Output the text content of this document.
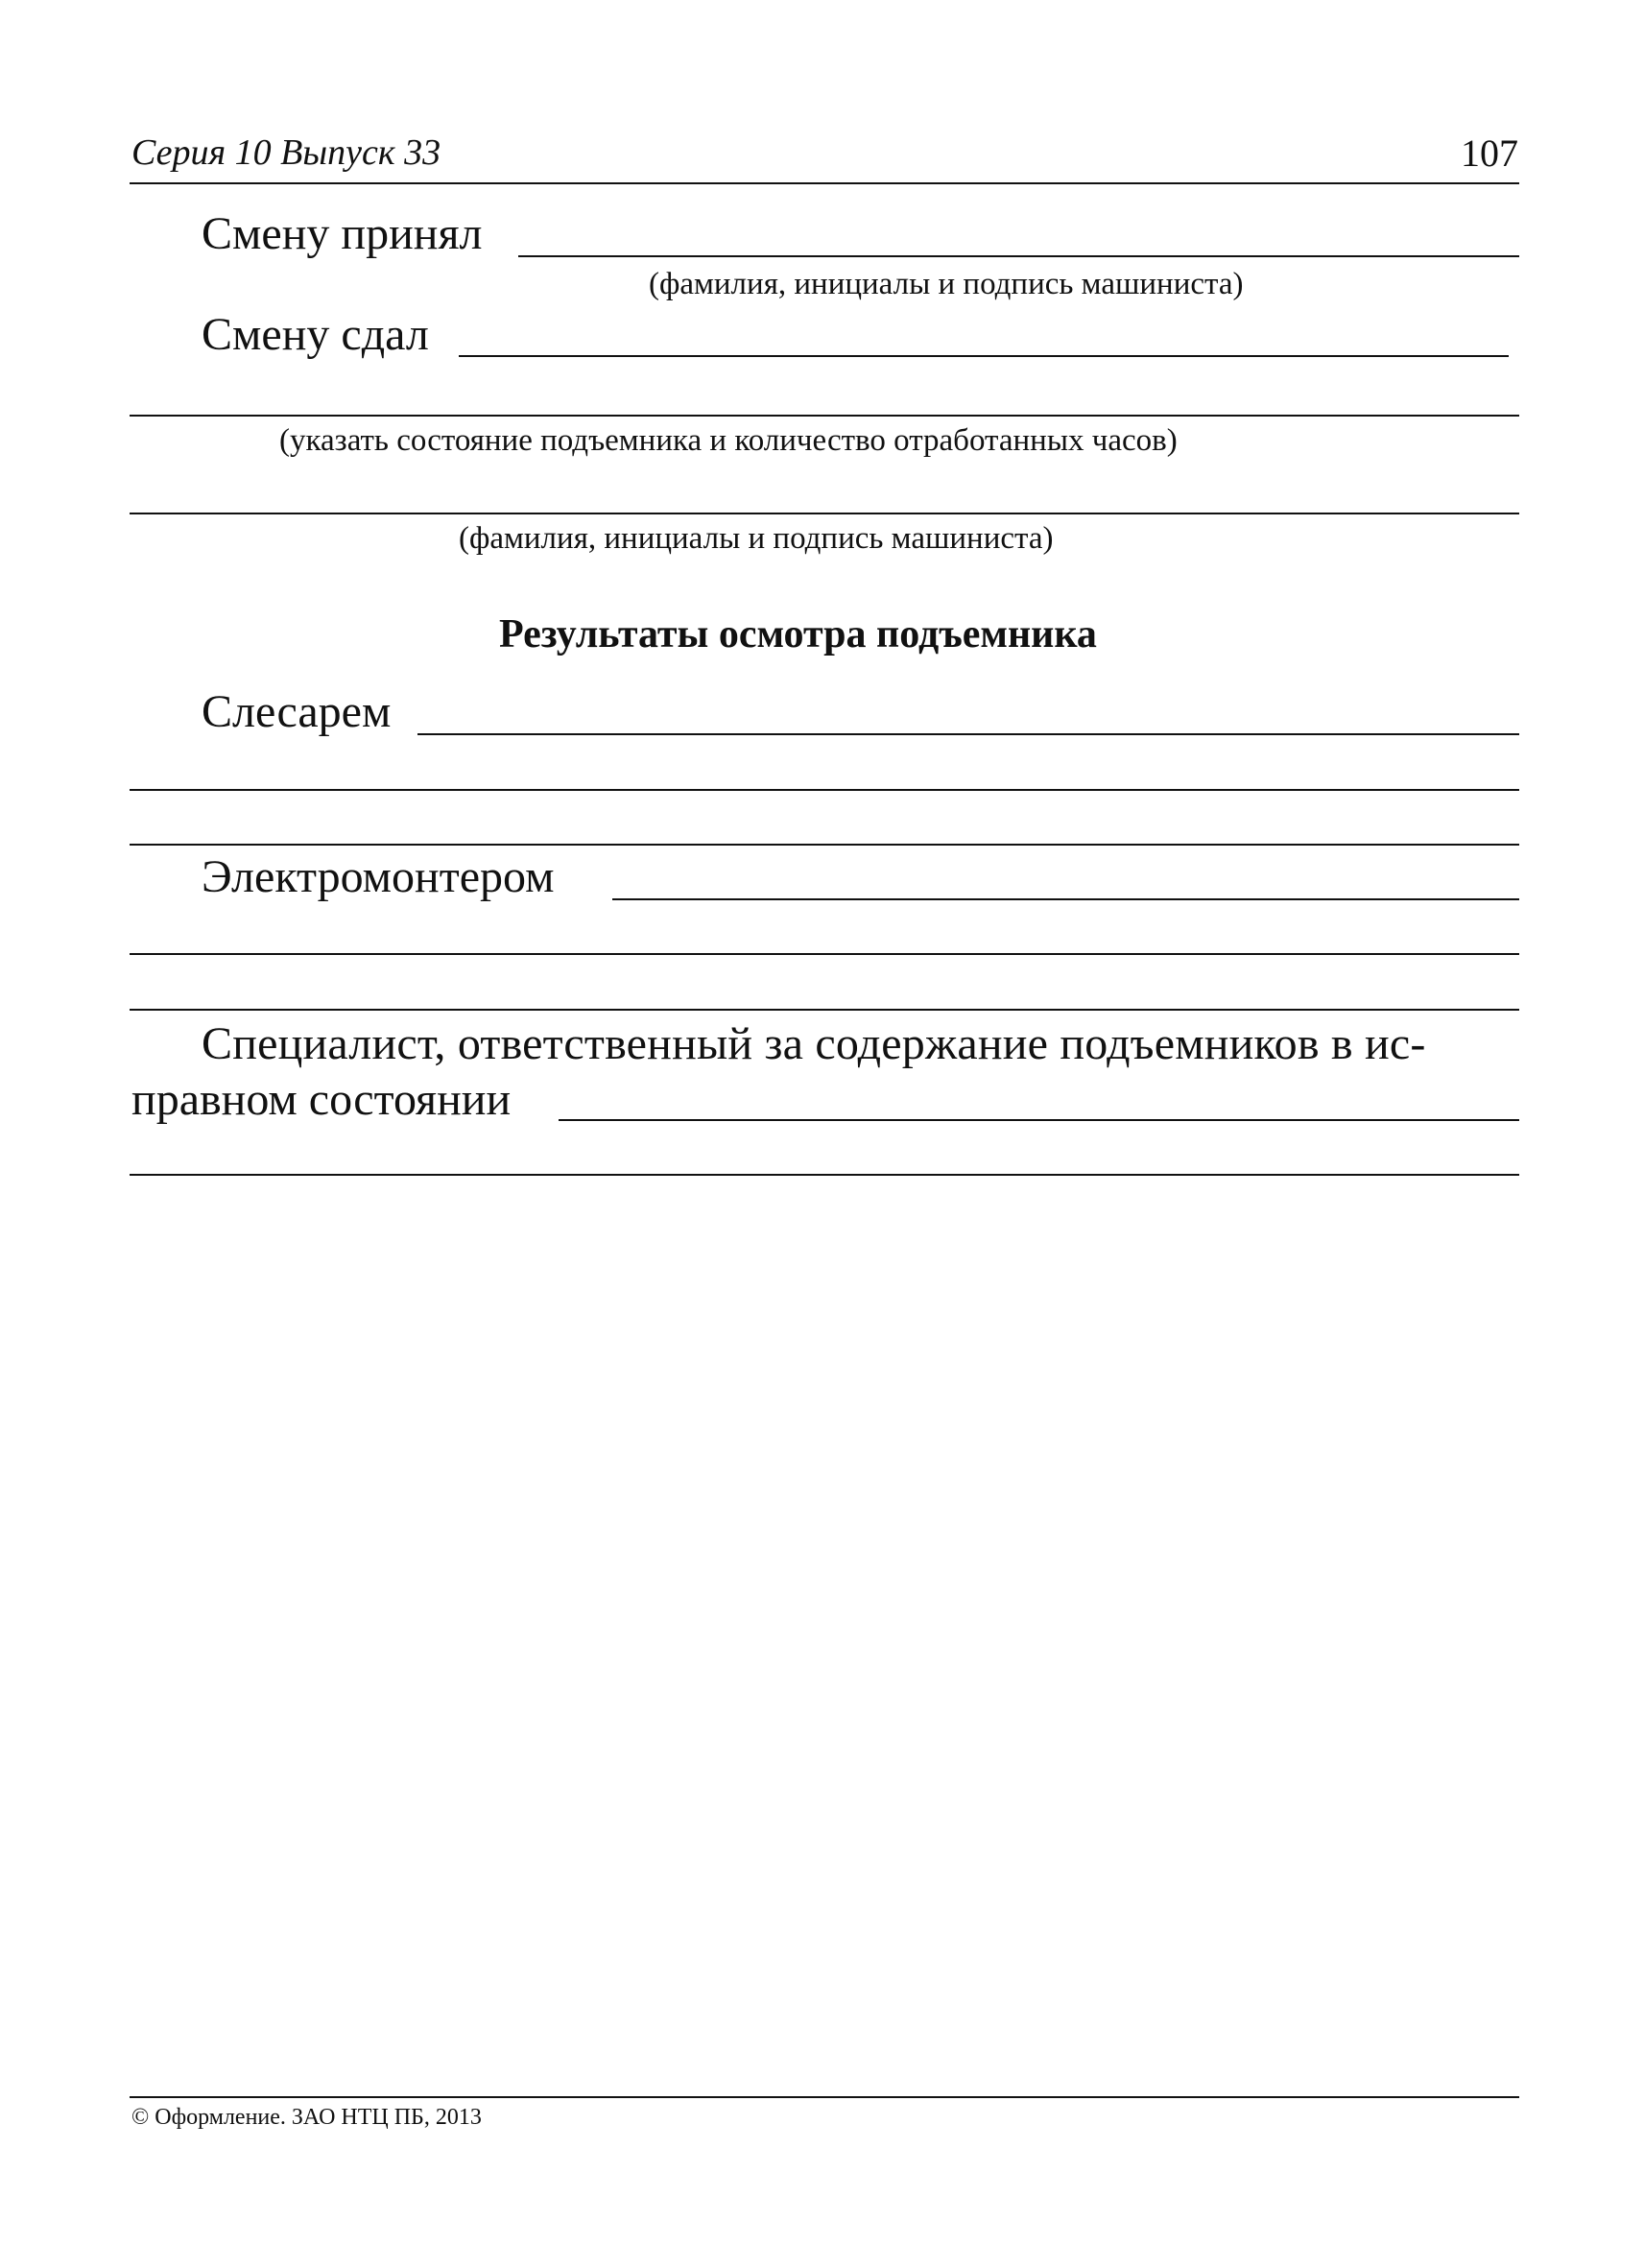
Серия 10 Выпуск 33	107
Смену принял
(фамилия, инициалы и подпись машиниста)
Смену сдал
(указать состояние подъемника и количество отработанных часов)
(фамилия, инициалы и подпись машиниста)
Результаты осмотра подъемника
Слесарем
Электромонтером
Специалист, ответственный за содержание подъемников в ис-
правном состоянии
© Оформление. ЗАО НТЦ ПБ, 2013
